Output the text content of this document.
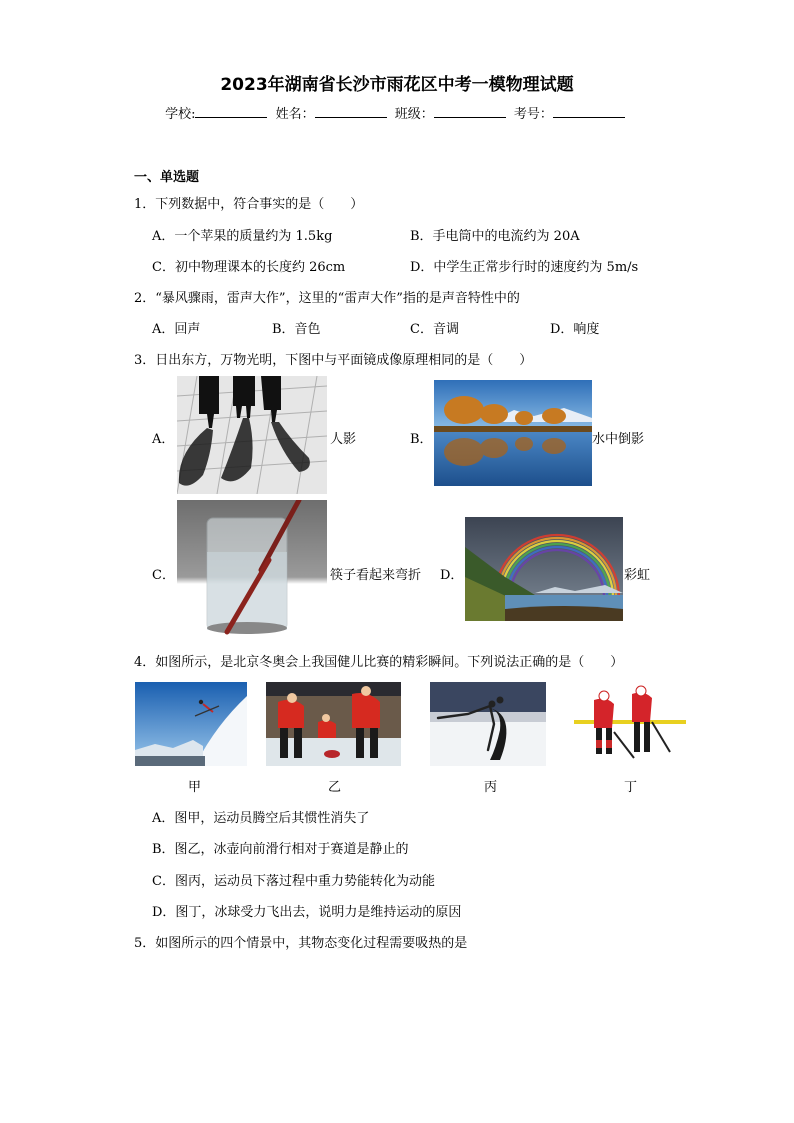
2023年湖南省长沙市雨花区中考一模物理试题
学校:	姓名：	班级：	考号：
一、单选题
1．下列数据中，符合事实的是（　　）
A．一个苹果的质量约为 1.5kg	B．手电筒中的电流约为 20A
C．初中物理课本的长度约 26cm	D．中学生正常步行时的速度约为 5m/s
2．“暴风骤雨，雷声大作”，这里的“雷声大作”指的是声音特性中的
A．回声	B．音色	C．音调	D．响度
3．日出东方，万物光明，下图中与平面镜成像原理相同的是（　　）
A．	人影	B．	水中倒影
C．	筷子看起来弯折 D．	彩虹
4．如图所示，是北京冬奥会上我国健儿比赛的精彩瞬间。下列说法正确的是（　　）
甲	乙	丙	丁
A．图甲，运动员腾空后其惯性消失了
B．图乙，冰壶向前滑行相对于赛道是静止的
C．图丙，运动员下落过程中重力势能转化为动能
D．图丁，冰球受力飞出去，说明力是维持运动的原因
5．如图所示的四个情景中，其物态变化过程需要吸热的是
